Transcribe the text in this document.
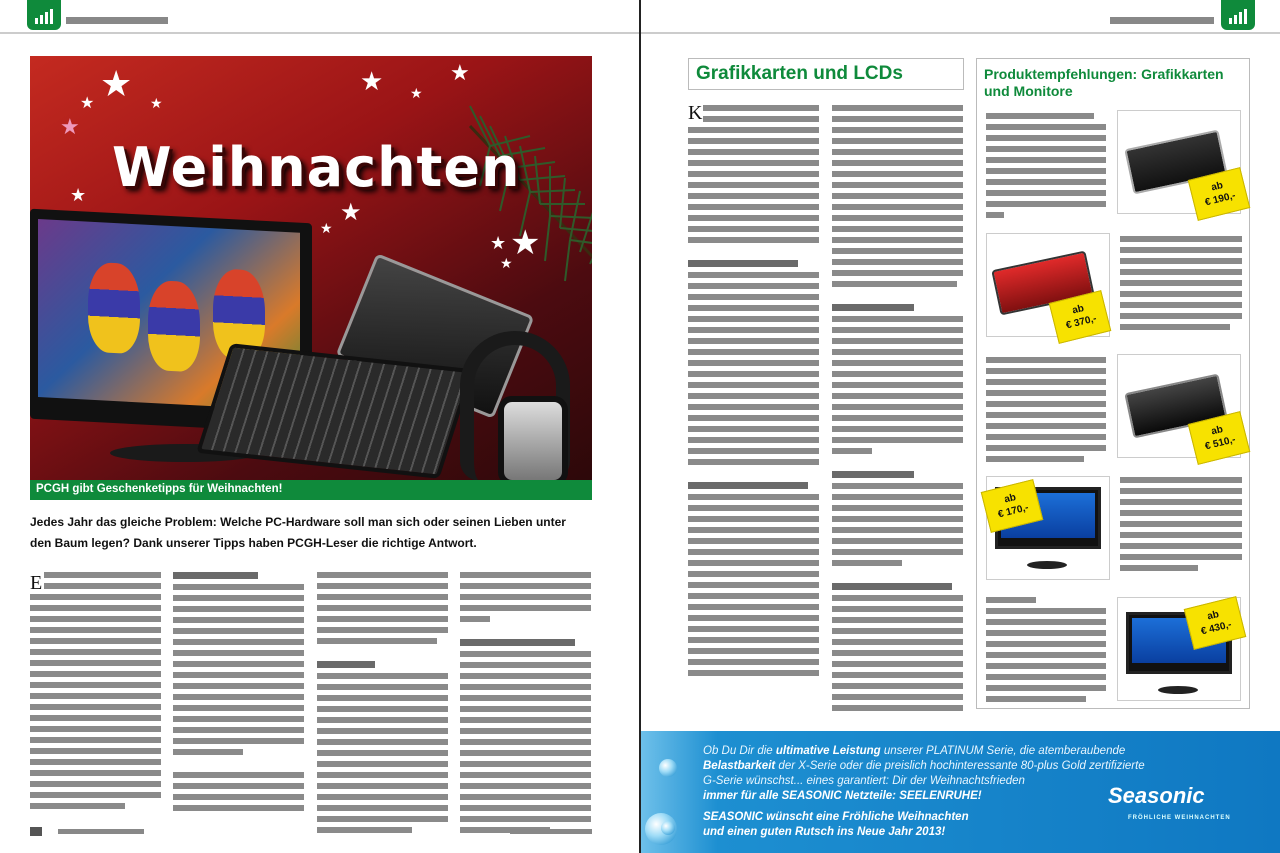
★
★	★
★
★	★
★
★
★	★
★
★
★ Weihnachten
PCGH gibt Geschenketipps für Weihnachten!
Jedes Jahr das gleiche Problem: Welche PC-Hardware soll man sich oder seinen Lieben unter den Baum legen? Dank unserer Tipps haben PCGH-Leser die richtige Antwort.
E
Grafikkarten und LCDs
K
Produktempfehlungen: Grafikkarten und Monitore
ab
€ 190,-
ab
€ 370,-
ab
€ 510,-
ab
€ 170,-
ab
€ 430,-
Ob Du Dir die ultimative Leistung unserer PLATINUM Serie, die atemberaubende
Belastbarkeit der X-Serie oder die preislich hochinteressante 80-plus Gold zertifizierte
G-Serie wünschst... eines garantiert: Dir der Weihnachtsfrieden
immer für alle SEASONIC Netzteile: SEELENRUHE!
SEASONIC wünscht eine Fröhliche Weihnachten
und einen guten Rutsch ins Neue Jahr 2013!
Seasonic
FRÖHLICHE WEIHNACHTEN
